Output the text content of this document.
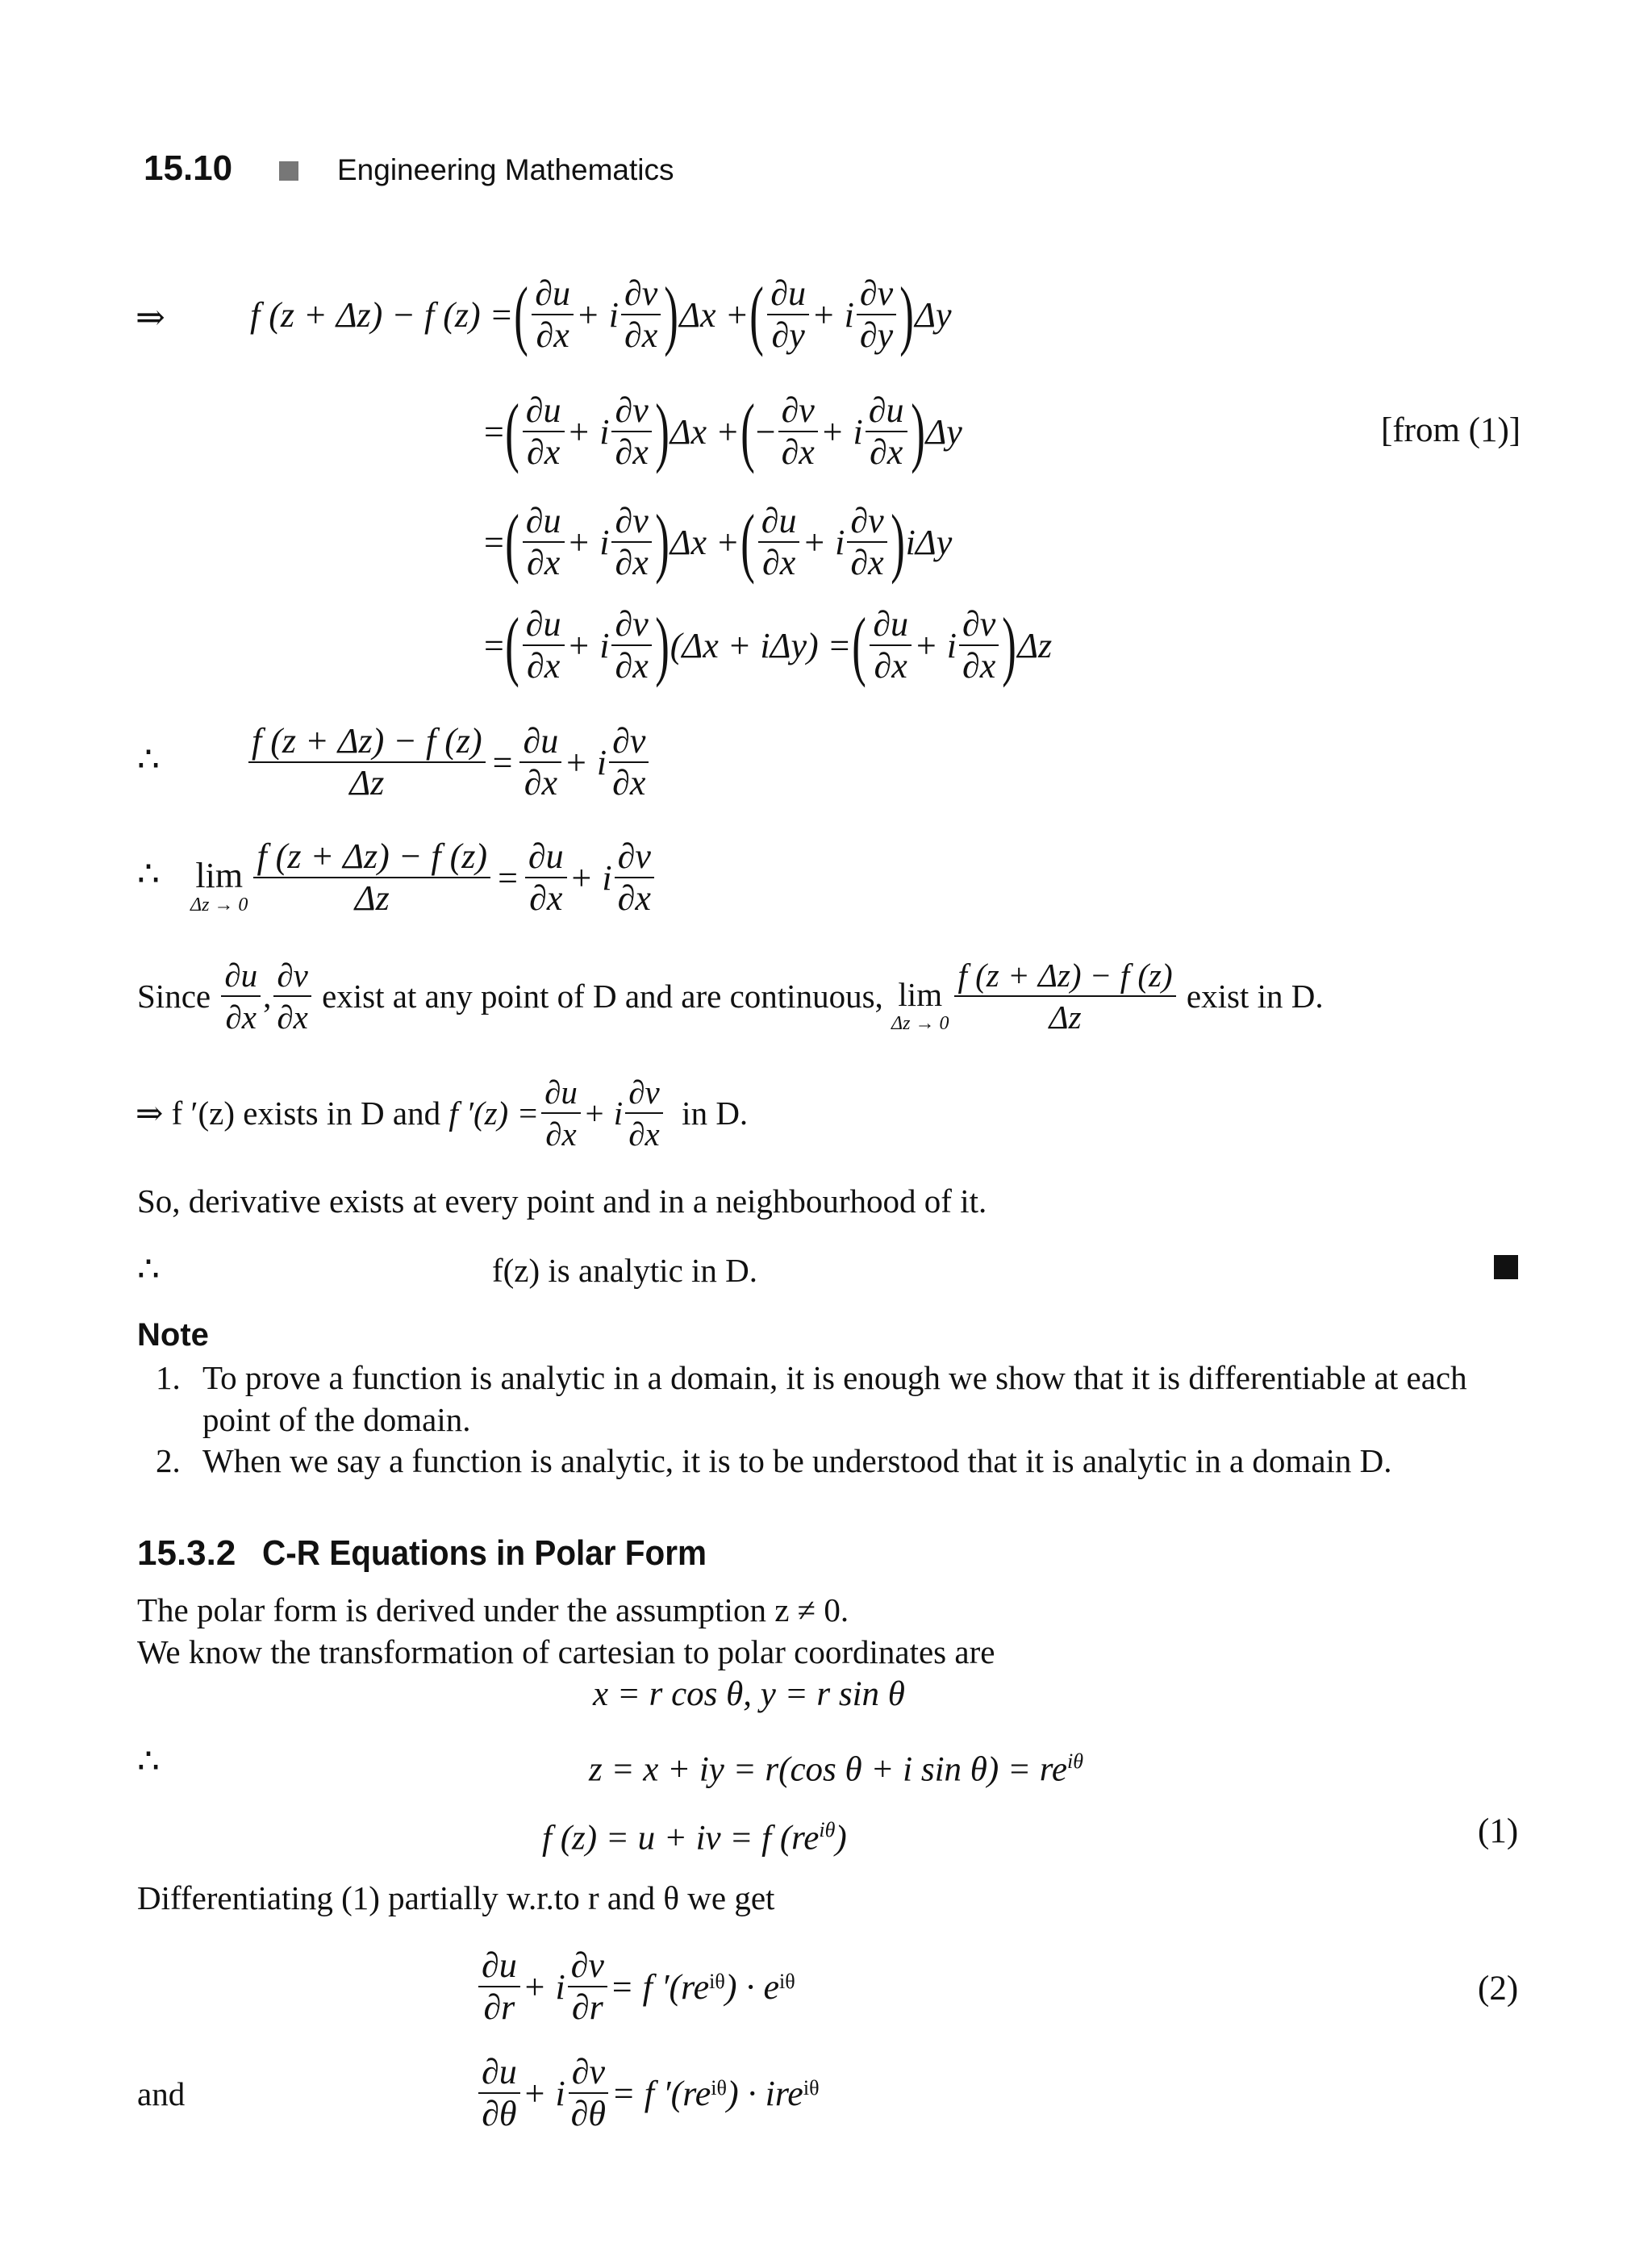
15.10	Engineering Mathematics
⇒ f (z + Δz) − f (z) = ( $\frac{\partial u}{\partial x} + i \frac{\partial v}{\partial x}$ ) Δx + ( $\frac{\partial u}{\partial y} + i \frac{\partial v}{\partial y}$ ) Δy
= ( $\frac{\partial u}{\partial x} + i \frac{\partial v}{\partial x}$ ) Δx + ( − $\frac{\partial v}{\partial x} + i \frac{\partial u}{\partial x}$ ) Δy	[from (1)]
= ( $\frac{\partial u}{\partial x} + i \frac{\partial v}{\partial x}$ ) Δx + ( $\frac{\partial u}{\partial x} + i \frac{\partial v}{\partial x}$ ) iΔy
= ( $\frac{\partial u}{\partial x} + i \frac{\partial v}{\partial x}$ ) (Δx + iΔy) = ( $\frac{\partial u}{\partial x} + i \frac{\partial v}{\partial x}$ ) Δz
∴	$\frac{f (z + \Delta z) - f (z)}{\Delta z} = \frac{\partial u}{\partial x} + i \frac{\partial v}{\partial x}$
∴ lim
$\Delta z \to 0 \frac{f (z + \Delta z) - f (z)}{\Delta z} = \frac{\partial u}{\partial x} + i \frac{\partial v}{\partial x}$
Since
$\frac{\partial u}{\partial x}$ , $\frac{\partial v}{\partial x}$
exist at any point of D and are continuous,
lim
$\Delta z \to 0 \frac{f (z + \Delta z) - f (z)}{\Delta z}$
exist in D.
⇒
f ′(z) exists in D and
f $'(z) = \frac{\partial u}{\partial x} + i \frac{\partial v}{\partial x}$
in D.
So, derivative exists at every point and in a neighbourhood of it.
∴	f(z) is analytic in D.
Note
1. To prove a function is analytic in a domain, it is enough we show that it is differentiable at each
point of the domain.
2. When we say a function is analytic, it is to be understood that it is analytic in a domain D.
15.3.2 C-R Equations in Polar Form
The polar form is derived under the assumption z ≠ 0.
We know the transformation of cartesian to polar coordinates are
x = r cos θ, y = r sin θ
∴	z = x + iy = r(cos θ + i $\sin \theta) = re^{i\theta}$
f (z) = u + iv = f $(re^{i\theta})$	(1)
Differentiating (1) partially w.r.to r and θ we get
$\frac{\partial u}{\partial r} + i \frac{\partial v}{\partial r} = f$ ′(re iθ ) · e iθ	(2)
and	$\frac{\partial u}{\partial\theta} + i \frac{\partial v}{\partial\theta} = f$ ′(re iθ ) · ire iθ
